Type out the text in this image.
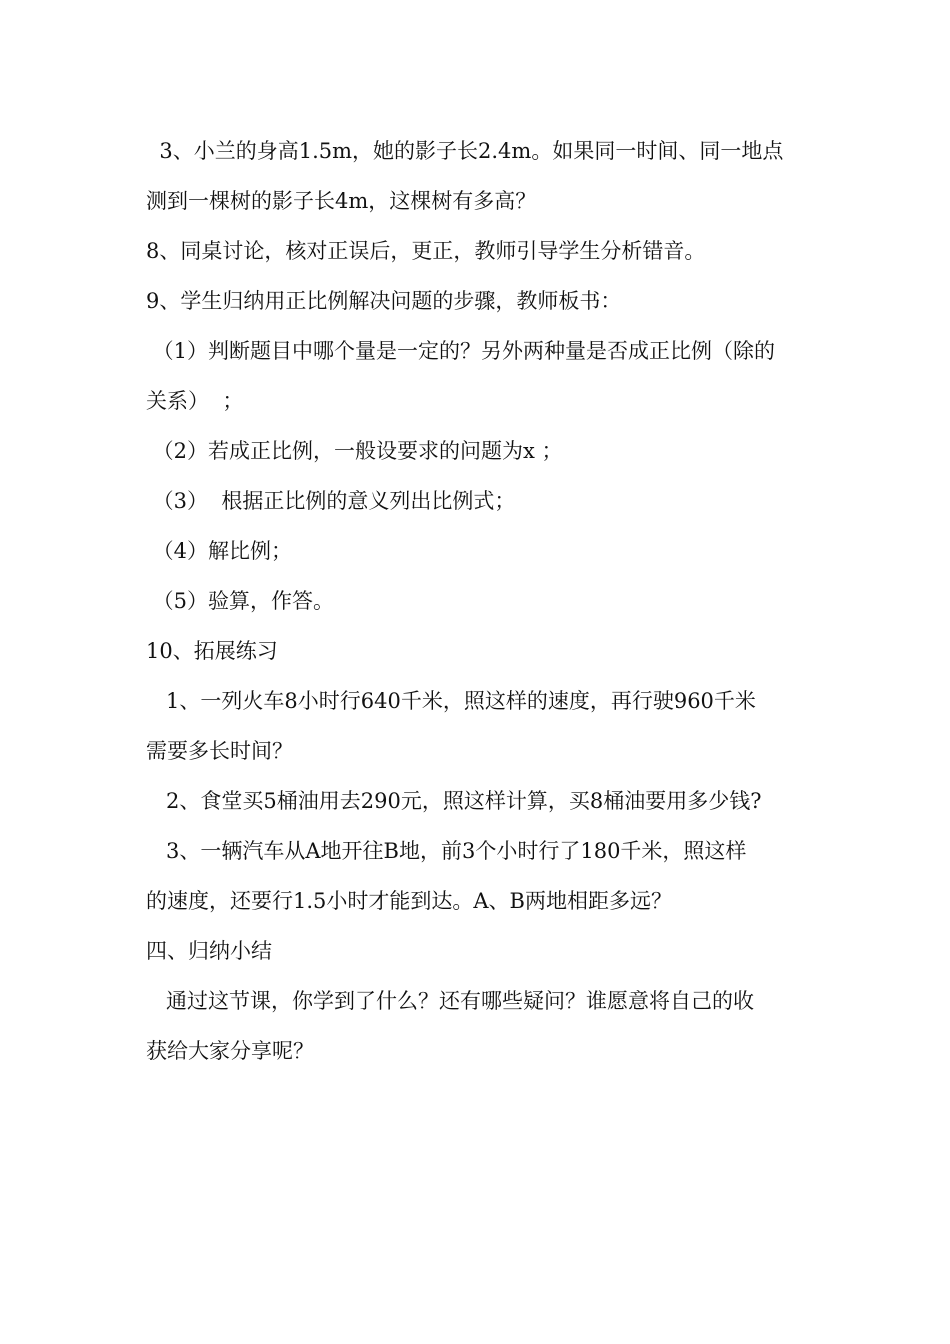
3、小兰的身高1.5m，她的影子长2.4m。如果同一时间、同一地点
测到一棵树的影子长4m，这棵树有多高？
8、同桌讨论，核对正误后，更正，教师引导学生分析错音。
9、学生归纳用正比例解决问题的步骤，教师板书：
（1）判断题目中哪个量是一定的？另外两种量是否成正比例（除的
关系）  ；
（2）若成正比例，一般设要求的问题为x ；
（3）  根据正比例的意义列出比例式；
（4）解比例；
（5）验算，作答。
10、拓展练习
1、一列火车8小时行640千米，照这样的速度，再行驶960千米
需要多长时间？
2、食堂买5桶油用去290元，照这样计算，买8桶油要用多少钱?
3、一辆汽车从A地开往B地，前3个小时行了180千米，照这样
的速度，还要行1.5小时才能到达。A、B两地相距多远？
四、归纳小结
通过这节课，你学到了什么？还有哪些疑问？谁愿意将自己的收
获给大家分享呢？
